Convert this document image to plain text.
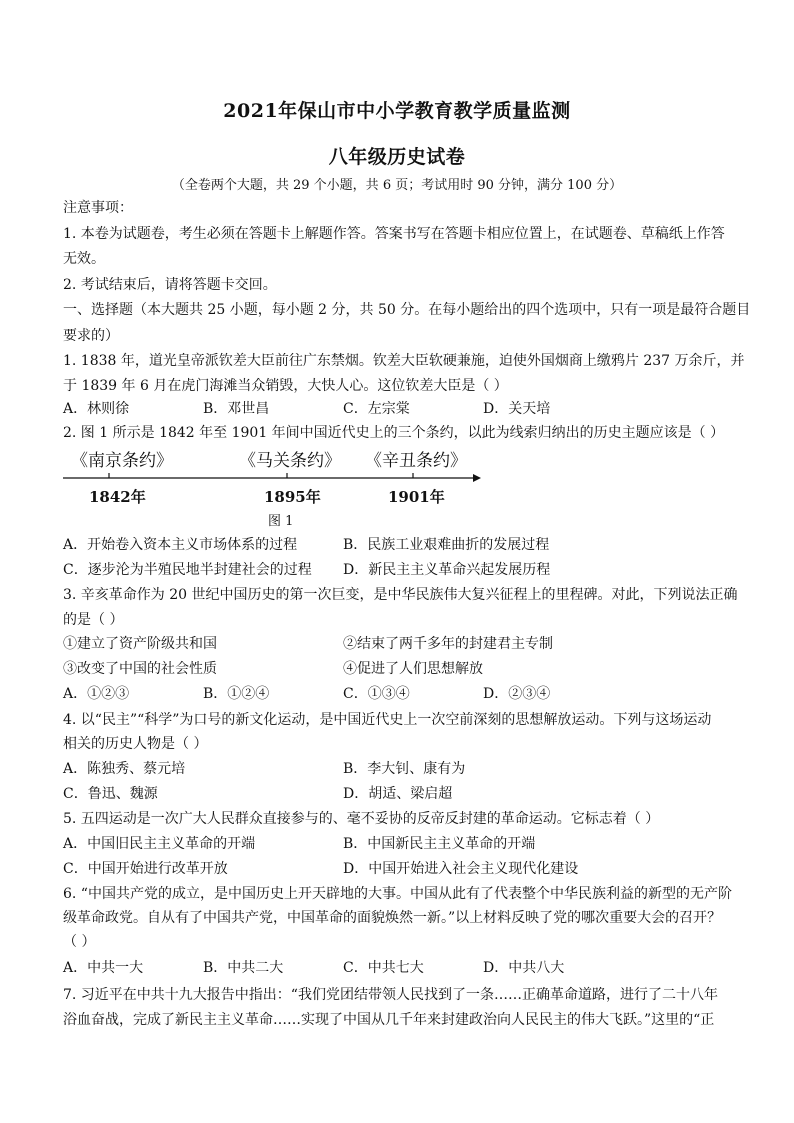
2021年保山市中小学教育教学质量监测
八年级历史试卷
（全卷两个大题，共 29 个小题，共 6 页；考试用时 90 分钟，满分 100 分）
注意事项：
1. 本卷为试题卷，考生必须在答题卡上解题作答。答案书写在答题卡相应位置上，在试题卷、草稿纸上作答
无效。
2. 考试结束后，请将答题卡交回。
一、选择题（本大题共 25 小题，每小题 2 分，共 50 分。在每小题给出的四个选项中，只有一项是最符合题目
要求的）
1. 1838 年，道光皇帝派钦差大臣前往广东禁烟。钦差大臣软硬兼施，迫使外国烟商上缴鸦片 237 万余斤，并
于 1839 年 6 月在虎门海滩当众销毁，大快人心。这位钦差大臣是（ ）
A．林则徐	B．邓世昌	C．左宗棠	D．关天培
2. 图 1 所示是 1842 年至 1901 年间中国近代史上的三个条约，以此为线索归纳出的历史主题应该是（ ）
《南京条约》	《马关条约》 《辛丑条约》
1842年	1895年	1901年
图 1
A．开始卷入资本主义市场体系的过程	B．民族工业艰难曲折的发展过程
C．逐步沦为半殖民地半封建社会的过程 D．新民主主义革命兴起发展历程
3. 辛亥革命作为 20 世纪中国历史的第一次巨变，是中华民族伟大复兴征程上的里程碑。对此，下列说法正确
的是（ ）
①建立了资产阶级共和国	②结束了两千多年的封建君主专制
③改变了中国的社会性质	④促进了人们思想解放
A．①②③	B．①②④	C．①③④	D．②③④
4. 以“民主”“科学”为口号的新文化运动，是中国近代史上一次空前深刻的思想解放运动。下列与这场运动
相关的历史人物是（ ）
A．陈独秀、蔡元培	B．李大钊、康有为
C．鲁迅、魏源	D．胡适、梁启超
5. 五四运动是一次广大人民群众直接参与的、毫不妥协的反帝反封建的革命运动。它标志着（ ）
A．中国旧民主主义革命的开端	B．中国新民主主义革命的开端
C．中国开始进行改革开放	D．中国开始进入社会主义现代化建设
6. “中国共产党的成立，是中国历史上开天辟地的大事。中国从此有了代表整个中华民族利益的新型的无产阶
级革命政党。自从有了中国共产党，中国革命的面貌焕然一新。”以上材料反映了党的哪次重要大会的召开？
（ ）
A．中共一大	B．中共二大	C．中共七大	D．中共八大
7. 习近平在中共十九大报告中指出：“我们党团结带领人民找到了一条……正确革命道路，进行了二十八年
浴血奋战，完成了新民主主义革命……实现了中国从几千年来封建政治向人民民主的伟大飞跃。”这里的“正
